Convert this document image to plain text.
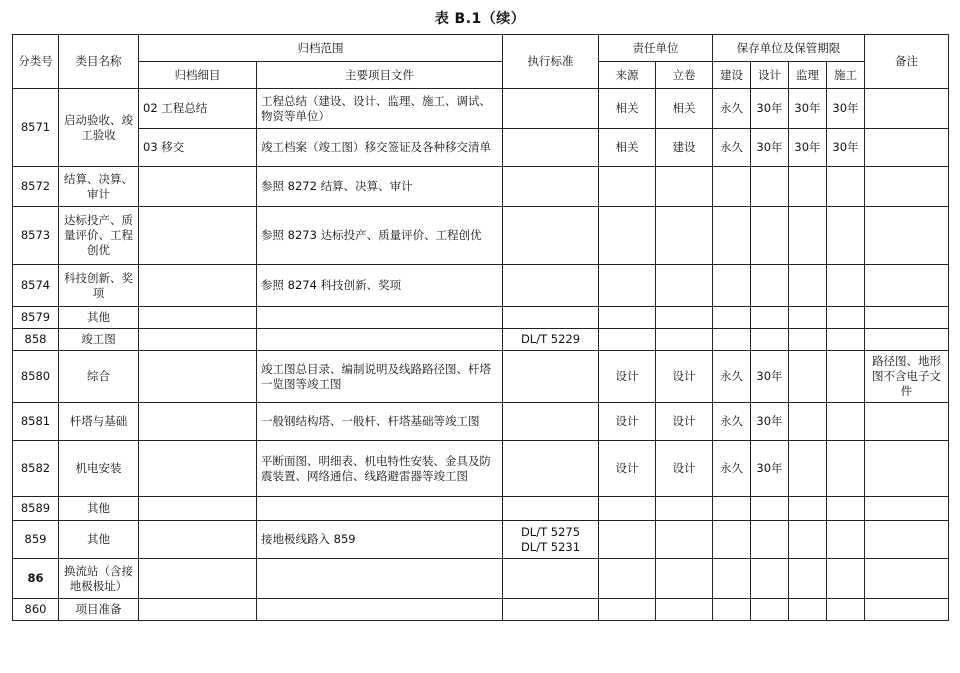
表 B.1（续）
分类号	类目名称	归档范围		执行标准	责任单位		保存单位及保管期限				备注
		归档细目	主要项目文件		来源	立卷	建设	设计	监理	施工	
8571	启动验收、竣工验收	02 工程总结	工程总结（建设、设计、监理、施工、调试、物资等单位）		相关	相关	永久	30年	30年	30年	
		03 移交	竣工档案（竣工图）移交签证及各种移交清单		相关	建设	永久	30年	30年	30年	
8572	结算、决算、审计		参照 8272 结算、决算、审计								
8573	达标投产、质量评价、工程创优		参照 8273 达标投产、质量评价、工程创优								
8574	科技创新、奖项		参照 8274 科技创新、奖项								
8579	其他										
858	竣工图			DL/T 5229							
8580	综合		竣工图总目录、编制说明及线路路径图、杆塔一览图等竣工图		设计	设计	永久	30年			路径图、地形图不含电子文件
8581	杆塔与基础		一般钢结构塔、一般杆、杆塔基础等竣工图		设计	设计	永久	30年			
8582	机电安装		平断面图、明细表、机电特性安装、金具及防震装置、网络通信、线路避雷器等竣工图		设计	设计	永久	30年			
8589	其他										
859	其他		接地极线路入 859	DL/T 5275
DL/T 5231							
86	换流站（含接地极极址）										
860	项目准备										
